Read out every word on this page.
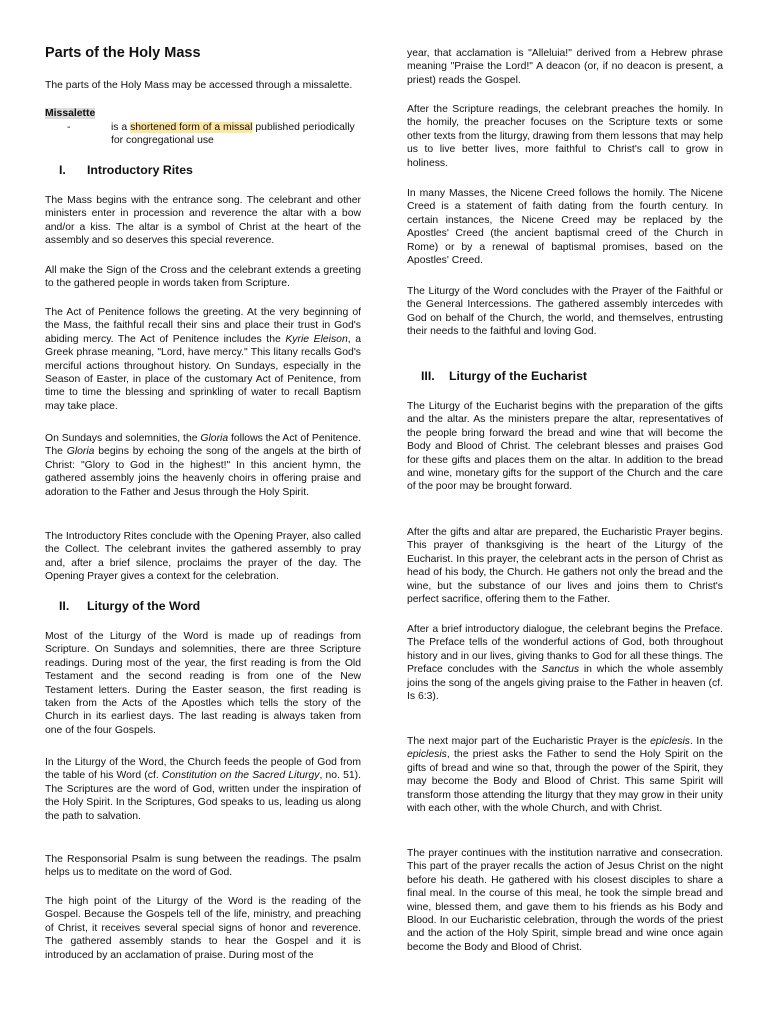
Parts of the Holy Mass

The parts of the Holy Mass may be accessed through a missalette.

Missalette
-	is a shortened form of a missal published periodically for congregational use
I. Introductory Rites

The Mass begins with the entrance song. The celebrant and other ministers enter in procession and reverence the altar with a bow and/or a kiss. The altar is a symbol of Christ at the heart of the assembly and so deserves this special reverence.

All make the Sign of the Cross and the celebrant extends a greeting to the gathered people in words taken from Scripture.

The Act of Penitence follows the greeting. At the very beginning of the Mass, the faithful recall their sins and place their trust in God's abiding mercy. The Act of Penitence includes the Kyrie Eleison, a Greek phrase meaning, "Lord, have mercy." This litany recalls God's merciful actions throughout history. On Sundays, especially in the Season of Easter, in place of the customary Act of Penitence, from time to time the blessing and sprinkling of water to recall Baptism may take place.

On Sundays and solemnities, the Gloria follows the Act of Penitence. The Gloria begins by echoing the song of the angels at the birth of Christ: "Glory to God in the highest!" In this ancient hymn, the gathered assembly joins the heavenly choirs in offering praise and adoration to the Father and Jesus through the Holy Spirit.

The Introductory Rites conclude with the Opening Prayer, also called the Collect. The celebrant invites the gathered assembly to pray and, after a brief silence, proclaims the prayer of the day. The Opening Prayer gives a context for the celebration.

II. Liturgy of the Word

Most of the Liturgy of the Word is made up of readings from Scripture. On Sundays and solemnities, there are three Scripture readings. During most of the year, the first reading is from the Old Testament and the second reading is from one of the New Testament letters. During the Easter season, the first reading is taken from the Acts of the Apostles which tells the story of the Church in its earliest days. The last reading is always taken from one of the four Gospels.

In the Liturgy of the Word, the Church feeds the people of God from the table of his Word (cf. Constitution on the Sacred Liturgy, no. 51). The Scriptures are the word of God, written under the inspiration of the Holy Spirit. In the Scriptures, God speaks to us, leading us along the path to salvation.

The Responsorial Psalm is sung between the readings. The psalm helps us to meditate on the word of God.

The high point of the Liturgy of the Word is the reading of the Gospel. Because the Gospels tell of the life, ministry, and preaching of Christ, it receives several special signs of honor and reverence. The gathered assembly stands to hear the Gospel and it is introduced by an acclamation of praise. During most of the

year, that acclamation is "Alleluia!" derived from a Hebrew phrase meaning "Praise the Lord!" A deacon (or, if no deacon is present, a priest) reads the Gospel.

After the Scripture readings, the celebrant preaches the homily. In the homily, the preacher focuses on the Scripture texts or some other texts from the liturgy, drawing from them lessons that may help us to live better lives, more faithful to Christ's call to grow in holiness.

In many Masses, the Nicene Creed follows the homily. The Nicene Creed is a statement of faith dating from the fourth century. In certain instances, the Nicene Creed may be replaced by the Apostles' Creed (the ancient baptismal creed of the Church in Rome) or by a renewal of baptismal promises, based on the Apostles' Creed.

The Liturgy of the Word concludes with the Prayer of the Faithful or the General Intercessions. The gathered assembly intercedes with God on behalf of the Church, the world, and themselves, entrusting their needs to the faithful and loving God.

III. Liturgy of the Eucharist

The Liturgy of the Eucharist begins with the preparation of the gifts and the altar. As the ministers prepare the altar, representatives of the people bring forward the bread and wine that will become the Body and Blood of Christ. The celebrant blesses and praises God for these gifts and places them on the altar. In addition to the bread and wine, monetary gifts for the support of the Church and the care of the poor may be brought forward.

After the gifts and altar are prepared, the Eucharistic Prayer begins. This prayer of thanksgiving is the heart of the Liturgy of the Eucharist. In this prayer, the celebrant acts in the person of Christ as head of his body, the Church. He gathers not only the bread and the wine, but the substance of our lives and joins them to Christ's perfect sacrifice, offering them to the Father.

After a brief introductory dialogue, the celebrant begins the Preface. The Preface tells of the wonderful actions of God, both throughout history and in our lives, giving thanks to God for all these things. The Preface concludes with the Sanctus in which the whole assembly joins the song of the angels giving praise to the Father in heaven (cf. Is 6:3).

The next major part of the Eucharistic Prayer is the epiclesis. In the epiclesis, the priest asks the Father to send the Holy Spirit on the gifts of bread and wine so that, through the power of the Spirit, they may become the Body and Blood of Christ. This same Spirit will transform those attending the liturgy that they may grow in their unity with each other, with the whole Church, and with Christ.

The prayer continues with the institution narrative and consecration. This part of the prayer recalls the action of Jesus Christ on the night before his death. He gathered with his closest disciples to share a final meal. In the course of this meal, he took the simple bread and wine, blessed them, and gave them to his friends as his Body and Blood. In our Eucharistic celebration, through the words of the priest and the action of the Holy Spirit, simple bread and wine once again become the Body and Blood of Christ.
